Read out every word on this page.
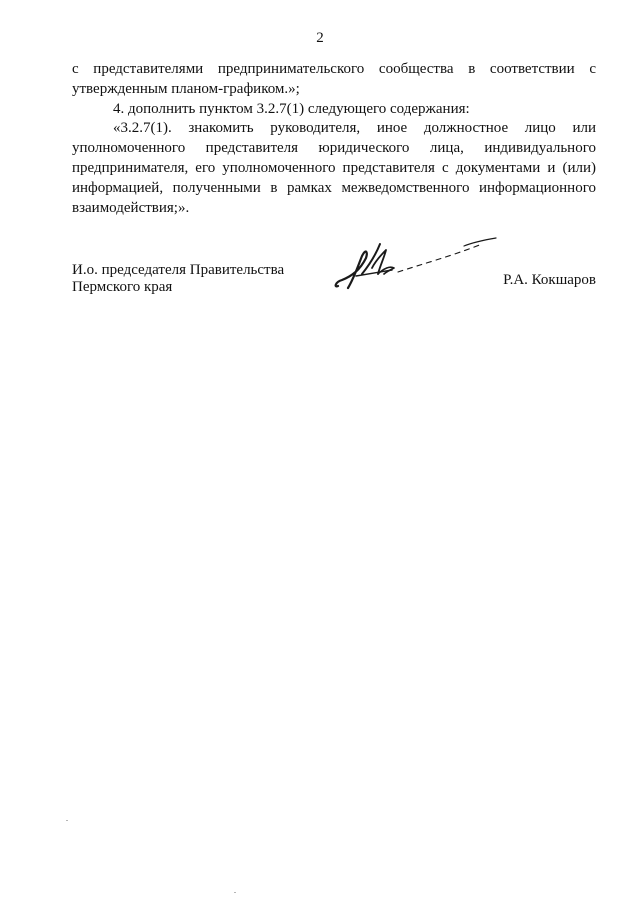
2

с представителями предпринимательского сообщества в соответствии с утвержденным планом-графиком.»;

4. дополнить пунктом 3.2.7(1) следующего содержания:

«3.2.7(1). знакомить руководителя, иное должностное лицо или уполномоченного представителя юридического лица, индивидуального предпринимателя, его уполномоченного представителя с документами и (или) информацией, полученными в рамках межведомственного информационного взаимодействия;».

И.о. председателя Правительства
Пермского края	Р.А. Кокшаров
